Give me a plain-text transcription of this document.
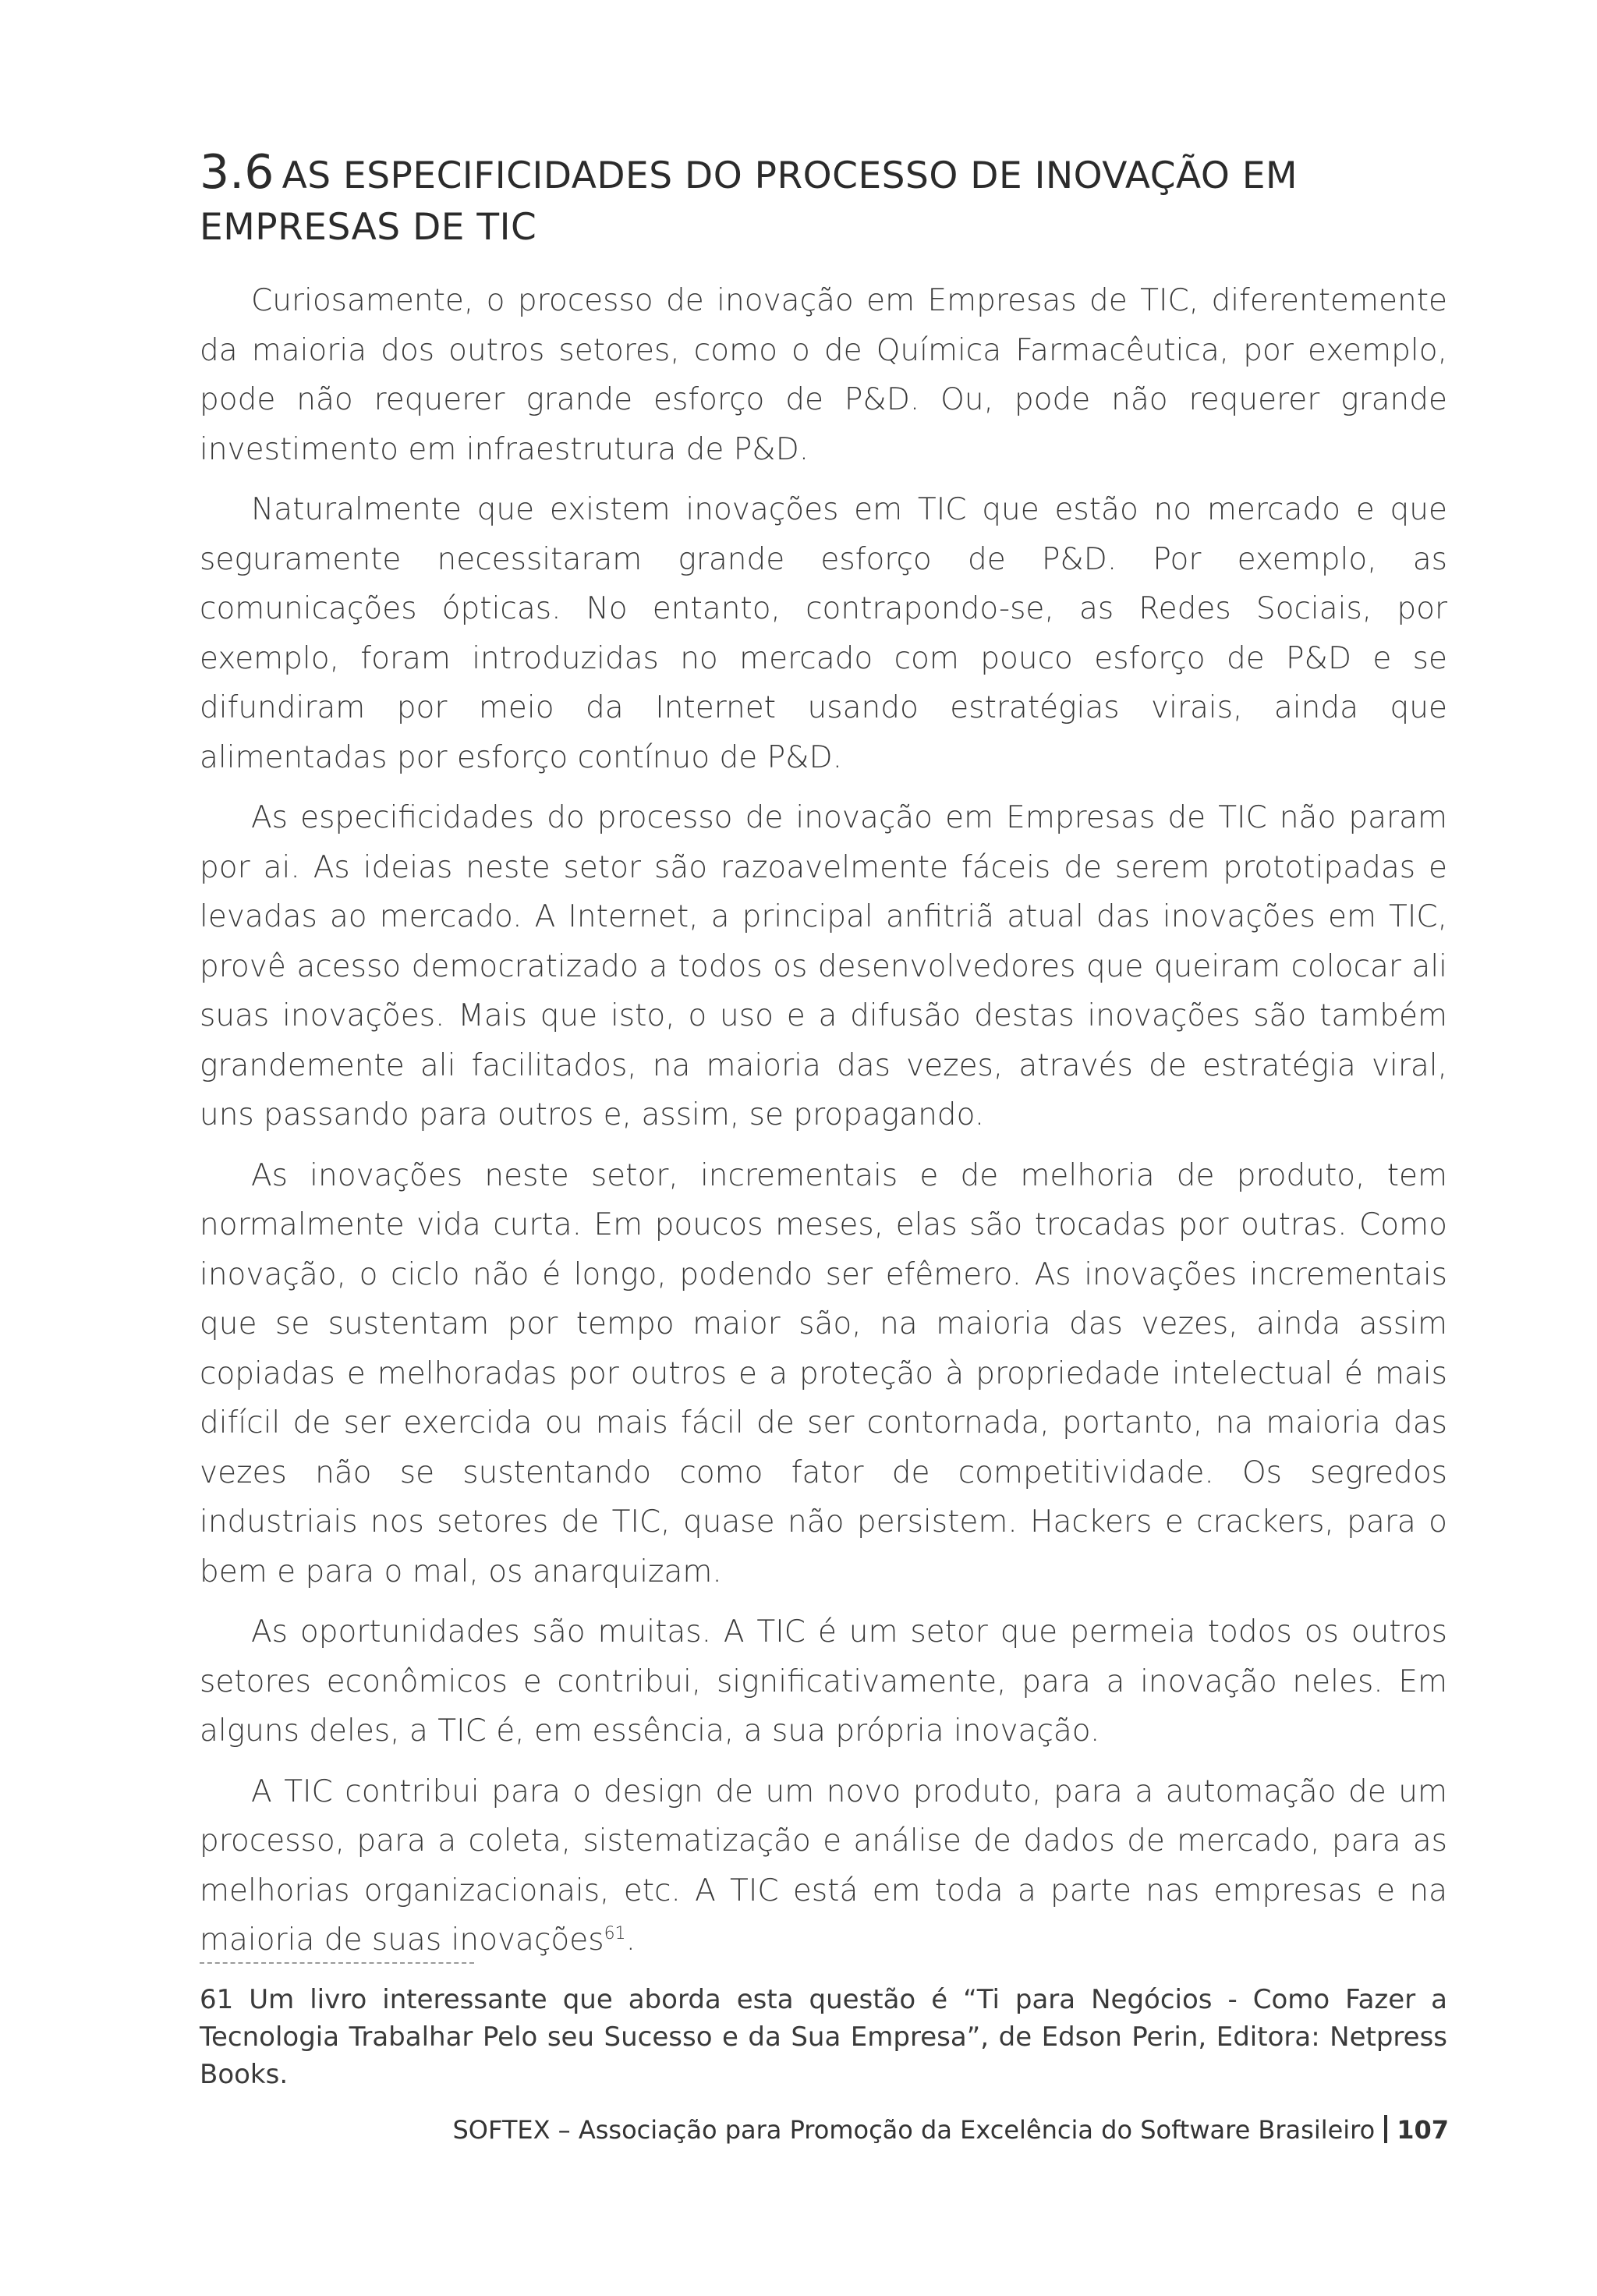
3.6 AS ESPECIFICIDADES DO PROCESSO DE INOVAÇÃO EM EMPRESAS DE TIC

Curiosamente, o processo de inovação em Empresas de TIC, diferentemente da maioria dos outros setores, como o de Química Farmacêutica, por exemplo, pode não requerer grande esforço de P&D. Ou, pode não requerer grande investimento em infraestrutura de P&D.

Naturalmente que existem inovações em TIC que estão no mercado e que seguramente necessitaram grande esforço de P&D. Por exemplo, as comunicações ópticas. No entanto, contrapondo-se, as Redes Sociais, por exemplo, foram introduzidas no mercado com pouco esforço de P&D e se difundiram por meio da Internet usando estratégias virais, ainda que alimentadas por esforço contínuo de P&D.

As especificidades do processo de inovação em Empresas de TIC não param por ai. As ideias neste setor são razoavelmente fáceis de serem prototipadas e levadas ao mercado. A Internet, a principal anfitriã atual das inovações em TIC, provê acesso democratizado a todos os desenvolvedores que queiram colocar ali suas inovações. Mais que isto, o uso e a difusão destas inovações são também grandemente ali facilitados, na maioria das vezes, através de estratégia viral, uns passando para outros e, assim, se propagando.

As inovações neste setor, incrementais e de melhoria de produto, tem normalmente vida curta. Em poucos meses, elas são trocadas por outras. Como inovação, o ciclo não é longo, podendo ser efêmero. As inovações incrementais que se sustentam por tempo maior são, na maioria das vezes, ainda assim copiadas e melhoradas por outros e a proteção à propriedade intelectual é mais difícil de ser exercida ou mais fácil de ser contornada, portanto, na maioria das vezes não se sustentando como fator de competitividade. Os segredos industriais nos setores de TIC, quase não persistem. Hackers e crackers, para o bem e para o mal, os anarquizam.

As oportunidades são muitas. A TIC é um setor que permeia todos os outros setores econômicos e contribui, significativamente, para a inovação neles. Em alguns deles, a TIC é, em essência, a sua própria inovação.

A TIC contribui para o design de um novo produto, para a automação de um processo, para a coleta, sistematização e análise de dados de mercado, para as melhorias organizacionais, etc. A TIC está em toda a parte nas empresas e na maioria de suas inovações$^{61}$.

61 Um livro interessante que aborda esta questão é “Ti para Negócios - Como Fazer a Tecnologia Trabalhar Pelo seu Sucesso e da Sua Empresa”, de Edson Perin, Editora: Netpress Books.

SOFTEX – Associação para Promoção da Excelência do Software Brasileiro 107
